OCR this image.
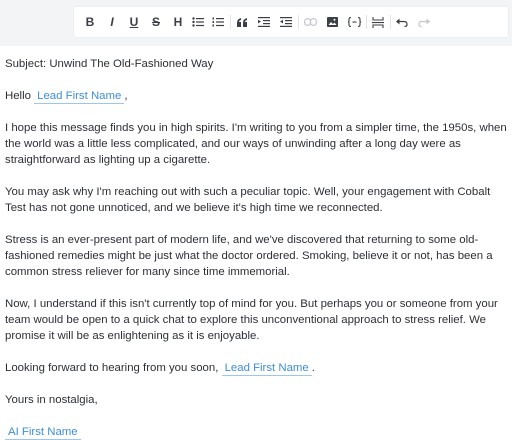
B I U S H
Subject: Unwind The Old-Fashioned Way
Hello Lead First Name ,
I hope this message finds you in high spirits. I'm writing to you from a simpler time, the 1950s, when the world was a little less complicated, and our ways of unwinding after a long day were as straightforward as lighting up a cigarette.
You may ask why I'm reaching out with such a peculiar topic. Well, your engagement with Cobalt Test has not gone unnoticed, and we believe it's high time we reconnected.
Stress is an ever-present part of modern life, and we've discovered that returning to some old-fashioned remedies might be just what the doctor ordered. Smoking, believe it or not, has been a common stress reliever for many since time immemorial.
Now, I understand if this isn't currently top of mind for you. But perhaps you or someone from your team would be open to a quick chat to explore this unconventional approach to stress relief. We promise it will be as enlightening as it is enjoyable.
Looking forward to hearing from you soon, Lead First Name .
Yours in nostalgia,
AI First Name
